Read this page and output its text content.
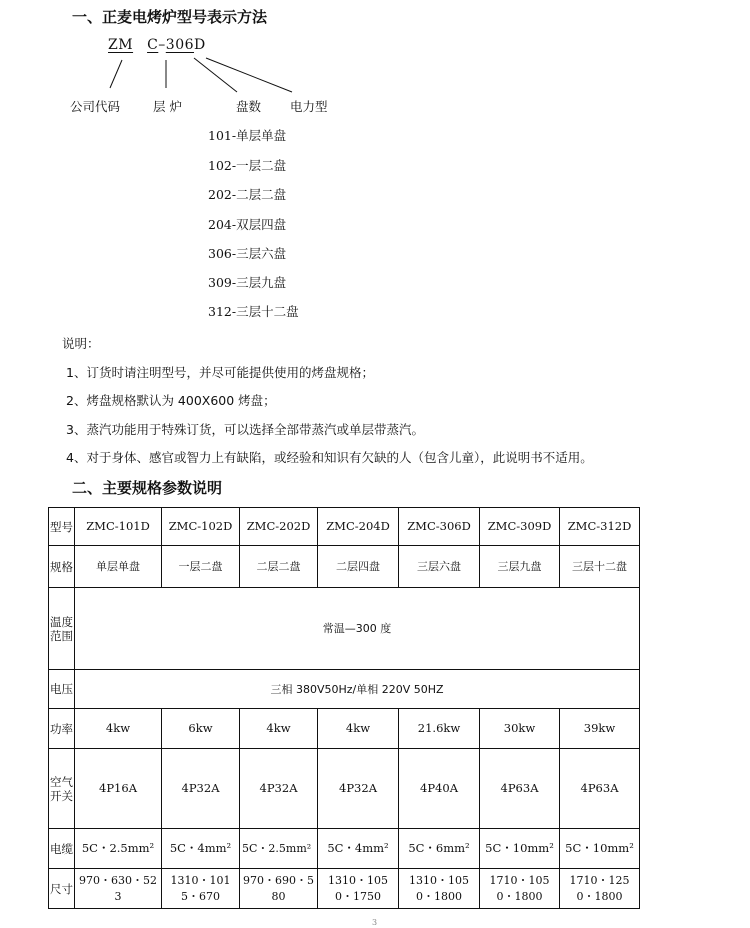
一、正麦电烤炉型号表示方法
ZM C–306D
公司代码	层 炉	盘数 电力型
101-单层单盘
102-一层二盘
202-二层二盘
204-双层四盘
306-三层六盘
309-三层九盘
312-三层十二盘
说明：
1、订货时请注明型号，并尽可能提供使用的烤盘规格；
2、烤盘规格默认为 400X600 烤盘；
3、蒸汽功能用于特殊订货，可以选择全部带蒸汽或单层带蒸汽。
4、对于身体、感官或智力上有缺陷，或经验和知识有欠缺的人（包含儿童），此说明书不适用。
二、主要规格参数说明
型号	ZMC-101D	ZMC-102D	ZMC-202D	ZMC-204D	ZMC-306D	ZMC-309D	ZMC-312D
规格	单层单盘	一层二盘	二层二盘	二层四盘	三层六盘	三层九盘	三层十二盘
温度范围	常温—300 度						
电压	三相 380V50Hz/单相 220V 50HZ						
功率	4kw	6kw	4kw	4kw	21.6kw	30kw	39kw
空气开关	4P16A	4P32A	4P32A	4P32A	4P40A	4P63A	4P63A
电缆	5C・2.5mm²	5C・4mm²	5C・2.5mm²	5C・4mm²	5C・6mm²	5C・10mm²	5C・10mm²
尺寸	970・630・523	1310・1015・670	970・690・580	1310・1050・1750	1310・1050・1800	1710・1050・1800	1710・1250・1800
3
